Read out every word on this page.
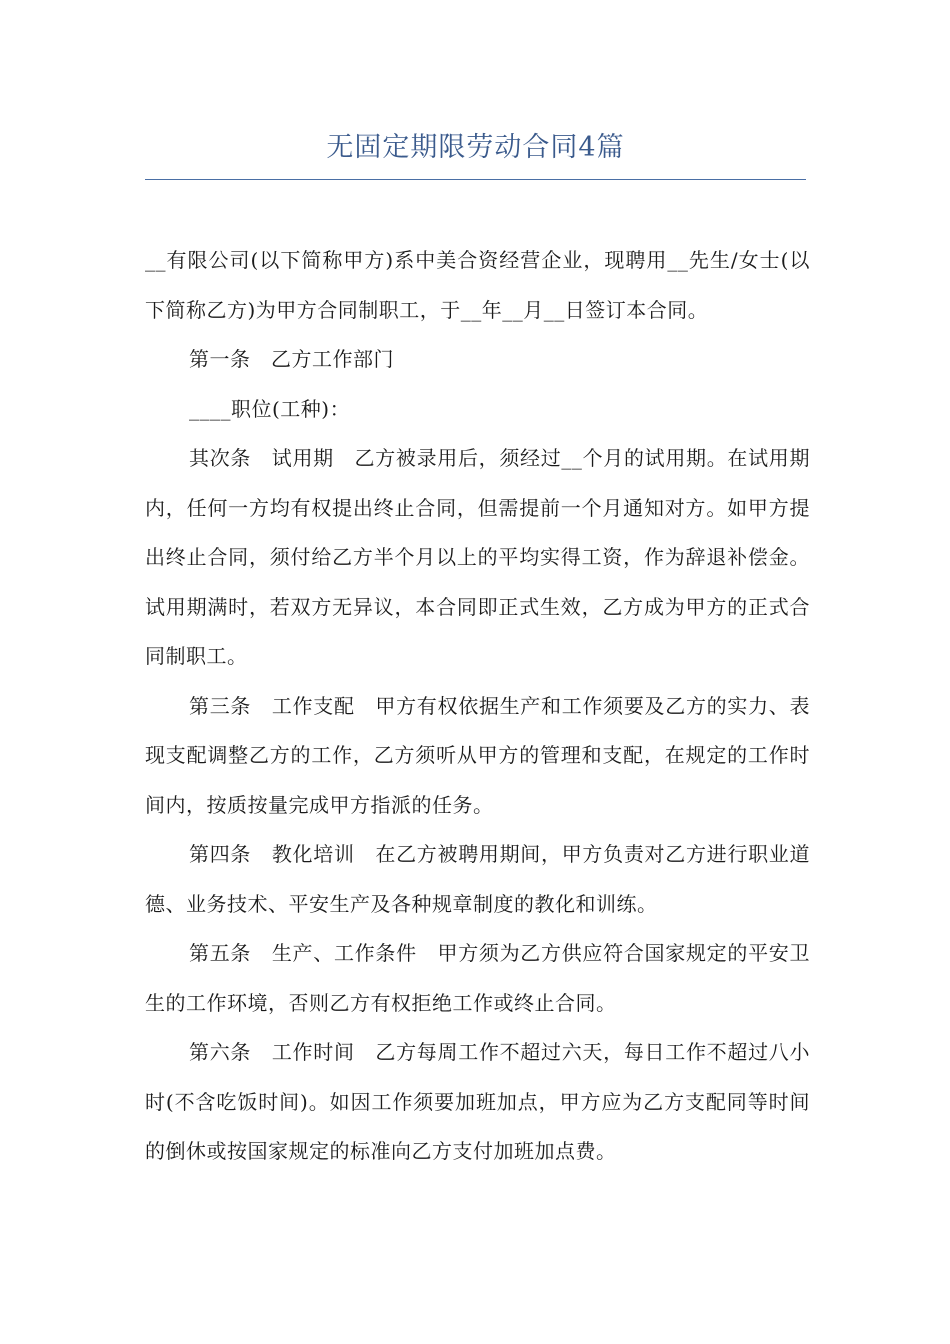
无固定期限劳动合同4篇

__有限公司(以下简称甲方)系中美合资经营企业，现聘用__先生/女士(以下简称乙方)为甲方合同制职工，于__年__月__日签订本合同。

第一条　乙方工作部门

____职位(工种)：

其次条　试用期　乙方被录用后，须经过__个月的试用期。在试用期内，任何一方均有权提出终止合同，但需提前一个月通知对方。如甲方提出终止合同，须付给乙方半个月以上的平均实得工资，作为辞退补偿金。试用期满时，若双方无异议，本合同即正式生效，乙方成为甲方的正式合同制职工。

第三条　工作支配　甲方有权依据生产和工作须要及乙方的实力、表现支配调整乙方的工作，乙方须听从甲方的管理和支配，在规定的工作时间内，按质按量完成甲方指派的任务。

第四条　教化培训　在乙方被聘用期间，甲方负责对乙方进行职业道德、业务技术、平安生产及各种规章制度的教化和训练。

第五条　生产、工作条件　甲方须为乙方供应符合国家规定的平安卫生的工作环境，否则乙方有权拒绝工作或终止合同。

第六条　工作时间　乙方每周工作不超过六天，每日工作不超过八小时(不含吃饭时间)。如因工作须要加班加点，甲方应为乙方支配同等时间的倒休或按国家规定的标准向乙方支付加班加点费。
